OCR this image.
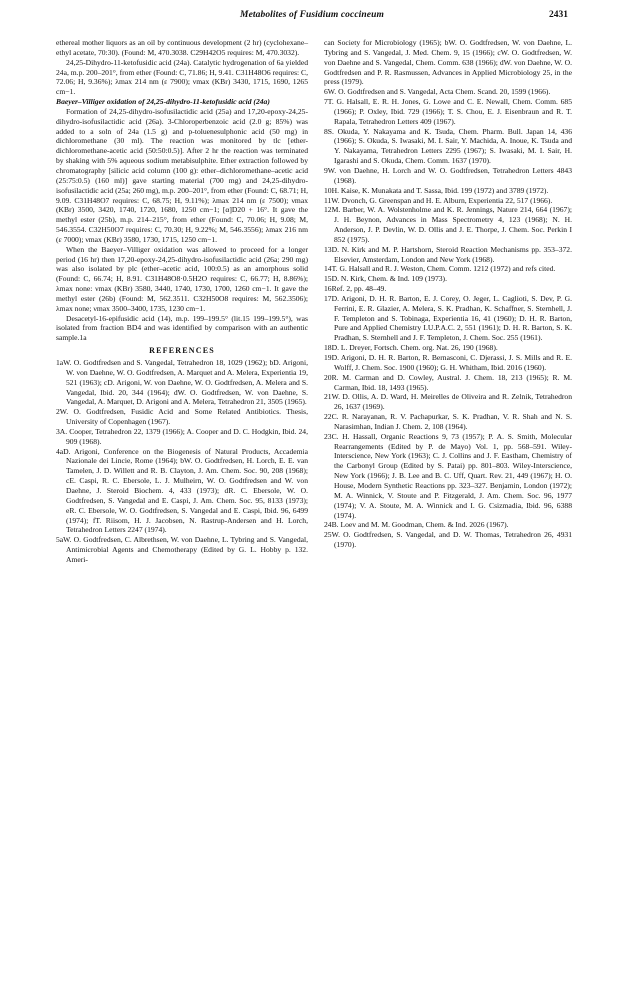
Metabolites of Fusidium coccineum	2431

ethereal mother liquors as an oil by continuous development (2 hr) (cyclohexane–ethyl acetate, 70:30). (Found: M, 470.3038. C29H42O5 requires: M, 470.3032).

24,25-Dihydro-11-ketofusidic acid (24a). Catalytic hydrogenation of 6a yielded 24a, m.p. 200–201°, from ether (Found: C, 71.86; H, 9.41. C31H48O6 requires: C, 72.06; H, 9.36%); λmax 214 nm (ε 7900); νmax (KBr) 3430, 1715, 1690, 1265 cm−1.

Baeyer–Villiger oxidation of 24,25-dihydro-11-ketofusidic acid (24a)

Formation of 24,25-dihydro-isofusilactidic acid (25a) and 17,20-epoxy-24,25-dihydro-isofusilactidic acid (26a). 3-Chloroperbenzoic acid (2.0 g; 85%) was added to a soln of 24a (1.5 g) and p-toluenesulphonic acid (50 mg) in dichloromethane (30 ml). The reaction was monitored by tlc [ether-dichloromethane-acetic acid (50:50:0.5)]. After 2 hr the reaction was terminated by shaking with 5% aqueous sodium metabisulphite. Ether extraction followed by chromatography [silicic acid column (100 g): ether–dichloromethane–acetic acid (25:75:0.5) (160 ml)] gave starting material (700 mg) and 24,25-dihydro-isofusilactidic acid (25a; 260 mg), m.p. 200–201°, from ether (Found: C, 68.71; H, 9.09. C31H48O7 requires: C, 68.75; H, 9.11%); λmax 214 nm (ε 7500); νmax (KBr) 3500, 3420, 1740, 1720, 1680, 1250 cm−1; [α]D20 + 16°. It gave the methyl ester (25b), m.p. 214–215°, from ether (Found: C, 70.06; H, 9.08; M, 546.3554. C32H50O7 requires: C, 70.30; H, 9.22%; M, 546.3556); λmax 216 nm (ε 7000); νmax (KBr) 3580, 1730, 1715, 1250 cm−1.

When the Baeyer–Villiger oxidation was allowed to proceed for a longer period (16 hr) then 17,20-epoxy-24,25-dihydro-isofusilactidic acid (26a; 290 mg) was also isolated by plc (ether–acetic acid, 100:0.5) as an amorphous solid (Found: C, 66.74; H, 8.91. C31H48O8·0.5H2O requires: C, 66.77; H, 8.86%); λmax none: νmax (KBr) 3580, 3440, 1740, 1730, 1700, 1260 cm−1. It gave the methyl ester (26b) (Found: M, 562.3511. C32H50O8 requires: M, 562.3506); λmax none; νmax 3500–3400, 1735, 1230 cm−1.

Desacetyl-16-epifusidic acid (14), m.p. 199–199.5° (lit.15 199–199.5°), was isolated from fraction BD4 and was identified by comparison with an authentic sample.1a

REFERENCES

1aW. O. Godtfredsen and S. Vangedal, Tetrahedron 18, 1029 (1962); bD. Arigoni, W. von Daehne, W. O. Godtfredsen, A. Marquet and A. Melera, Experientia 19, 521 (1963); cD. Arigoni, W. von Daehne, W. O. Godtfredsen, A. Melera and S. Vangedal, Ibid. 20, 344 (1964); dW. O. Godtfredsen, W. von Daehne, S. Vangedal, A. Marquet, D. Arigoni and A. Melera, Tetrahedron 21, 3505 (1965).

2W. O. Godtfredsen, Fusidic Acid and Some Related Antibiotics. Thesis, University of Copenhagen (1967).

3A. Cooper, Tetrahedron 22, 1379 (1966); A. Cooper and D. C. Hodgkin, Ibid. 24, 909 (1968).

4aD. Arigoni, Conference on the Biogenesis of Natural Products, Accademia Nazionale dei Lincie, Rome (1964); bW. O. Godtfredsen, H. Lorch, E. E. van Tamelen, J. D. Willett and R. B. Clayton, J. Am. Chem. Soc. 90, 208 (1968); cE. Caspi, R. C. Ebersole, L. J. Mulheirn, W. O. Godtfredsen and W. von Daehne, J. Steroid Biochem. 4, 433 (1973); dR. C. Ebersole, W. O. Godtfredsen, S. Vangedal and E. Caspi, J. Am. Chem. Soc. 95, 8133 (1973); eR. C. Ebersole, W. O. Godtfredsen, S. Vangedal and E. Caspi, Ibid. 96, 6499 (1974); fT. Riisom, H. J. Jacobsen, N. Rastrup-Andersen and H. Lorch, Tetrahedron Letters 2247 (1974).

5aW. O. Godtfredsen, C. Albrethsen, W. von Daehne, L. Tybring and S. Vangedal, Antimicrobial Agents and Chemotherapy (Edited by G. L. Hobby p. 132. Ameri-

can Society for Microbiology (1965); bW. O. Godtfredsen, W. von Daehne, L. Tybring and S. Vangedal, J. Med. Chem. 9, 15 (1966); cW. O. Godtfredsen, W. von Daehne and S. Vangedal, Chem. Comm. 638 (1966); dW. von Daehne, W. O. Godtfredsen and P. R. Rasmussen, Advances in Applied Microbiology 25, in the press (1979).

6W. O. Godtfredsen and S. Vangedal, Acta Chem. Scand. 20, 1599 (1966).

7T. G. Halsall, E. R. H. Jones, G. Lowe and C. E. Newall, Chem. Comm. 685 (1966); P. Oxley, Ibid. 729 (1966); T. S. Chou, E. J. Eisenbraun and R. T. Rapala, Tetrahedron Letters 409 (1967).

8S. Okuda, Y. Nakayama and K. Tsuda, Chem. Pharm. Bull. Japan 14, 436 (1966); S. Okuda, S. Iwasaki, M. I. Sair, Y. Machida, A. Inoue, K. Tsuda and Y. Nakayama, Tetrahedron Letters 2295 (1967); S. Iwasaki, M. I. Sair, H. Igarashi and S. Okuda, Chem. Comm. 1637 (1970).

9W. von Daehne, H. Lorch and W. O. Godtfredsen, Tetrahedron Letters 4843 (1968).

10H. Kaise, K. Munakata and T. Sassa, Ibid. 199 (1972) and 3789 (1972).

11W. Dvonch, G. Greenspan and H. E. Alburn, Experientia 22, 517 (1966).

12M. Barber, W. A. Wolstenholme and K. R. Jennings, Nature 214, 664 (1967); J. H. Beynon, Advances in Mass Spectrometry 4, 123 (1968); N. H. Anderson, J. P. Devlin, W. D. Ollis and J. E. Thorpe, J. Chem. Soc. Perkin I 852 (1975).

13D. N. Kirk and M. P. Hartshorn, Steroid Reaction Mechanisms pp. 353–372. Elsevier, Amsterdam, London and New York (1968).

14T. G. Halsall and R. J. Weston, Chem. Comm. 1212 (1972) and refs cited.

15D. N. Kirk, Chem. & Ind. 109 (1973).

16Ref. 2, pp. 48–49.

17D. Arigoni, D. H. R. Barton, E. J. Corey, O. Jeger, L. Caglioti, S. Dev, P. G. Ferrini, E. R. Glazier, A. Melera, S. K. Pradhan, K. Schaffner, S. Sternhell, J. F. Templeton and S. Tobinaga, Experientia 16, 41 (1960); D. H. R. Barton, Pure and Applied Chemistry I.U.P.A.C. 2, 551 (1961); D. H. R. Barton, S. K. Pradhan, S. Sternhell and J. F. Templeton, J. Chem. Soc. 255 (1961).

18D. L. Dreyer, Fortsch. Chem. org. Nat. 26, 190 (1968).

19D. Arigoni, D. H. R. Barton, R. Bernasconi, C. Djerassi, J. S. Mills and R. E. Wolff, J. Chem. Soc. 1900 (1960); G. H. Whitham, Ibid. 2016 (1960).

20R. M. Carman and D. Cowley, Austral. J. Chem. 18, 213 (1965); R. M. Carman, Ibid. 18, 1493 (1965).

21W. D. Ollis, A. D. Ward, H. Meirelles de Oliveira and R. Zelnik, Tetrahedron 26, 1637 (1969).

22C. R. Narayanan, R. V. Pachapurkar, S. K. Pradhan, V. R. Shah and N. S. Narasimhan, Indian J. Chem. 2, 108 (1964).

23C. H. Hassall, Organic Reactions 9, 73 (1957); P. A. S. Smith, Molecular Rearrangements (Edited by P. de Mayo) Vol. 1, pp. 568–591. Wiley-Interscience, New York (1963); C. J. Collins and J. F. Eastham, Chemistry of the Carbonyl Group (Edited by S. Patai) pp. 801–803. Wiley-Interscience, New York (1966); J. B. Lee and B. C. Uff, Quart. Rev. 21, 449 (1967); H. O. House, Modern Synthetic Reactions pp. 323–327. Benjamin, London (1972); M. A. Winnick, V. Stoute and P. Fitzgerald, J. Am. Chem. Soc. 96, 1977 (1974); V. A. Stoute, M. A. Winnick and I. G. Csizmadia, Ibid. 96, 6388 (1974).

24B. Loev and M. M. Goodman, Chem. & Ind. 2026 (1967).

25W. O. Godtfredsen, S. Vangedal, and D. W. Thomas, Tetrahedron 26, 4931 (1970).
